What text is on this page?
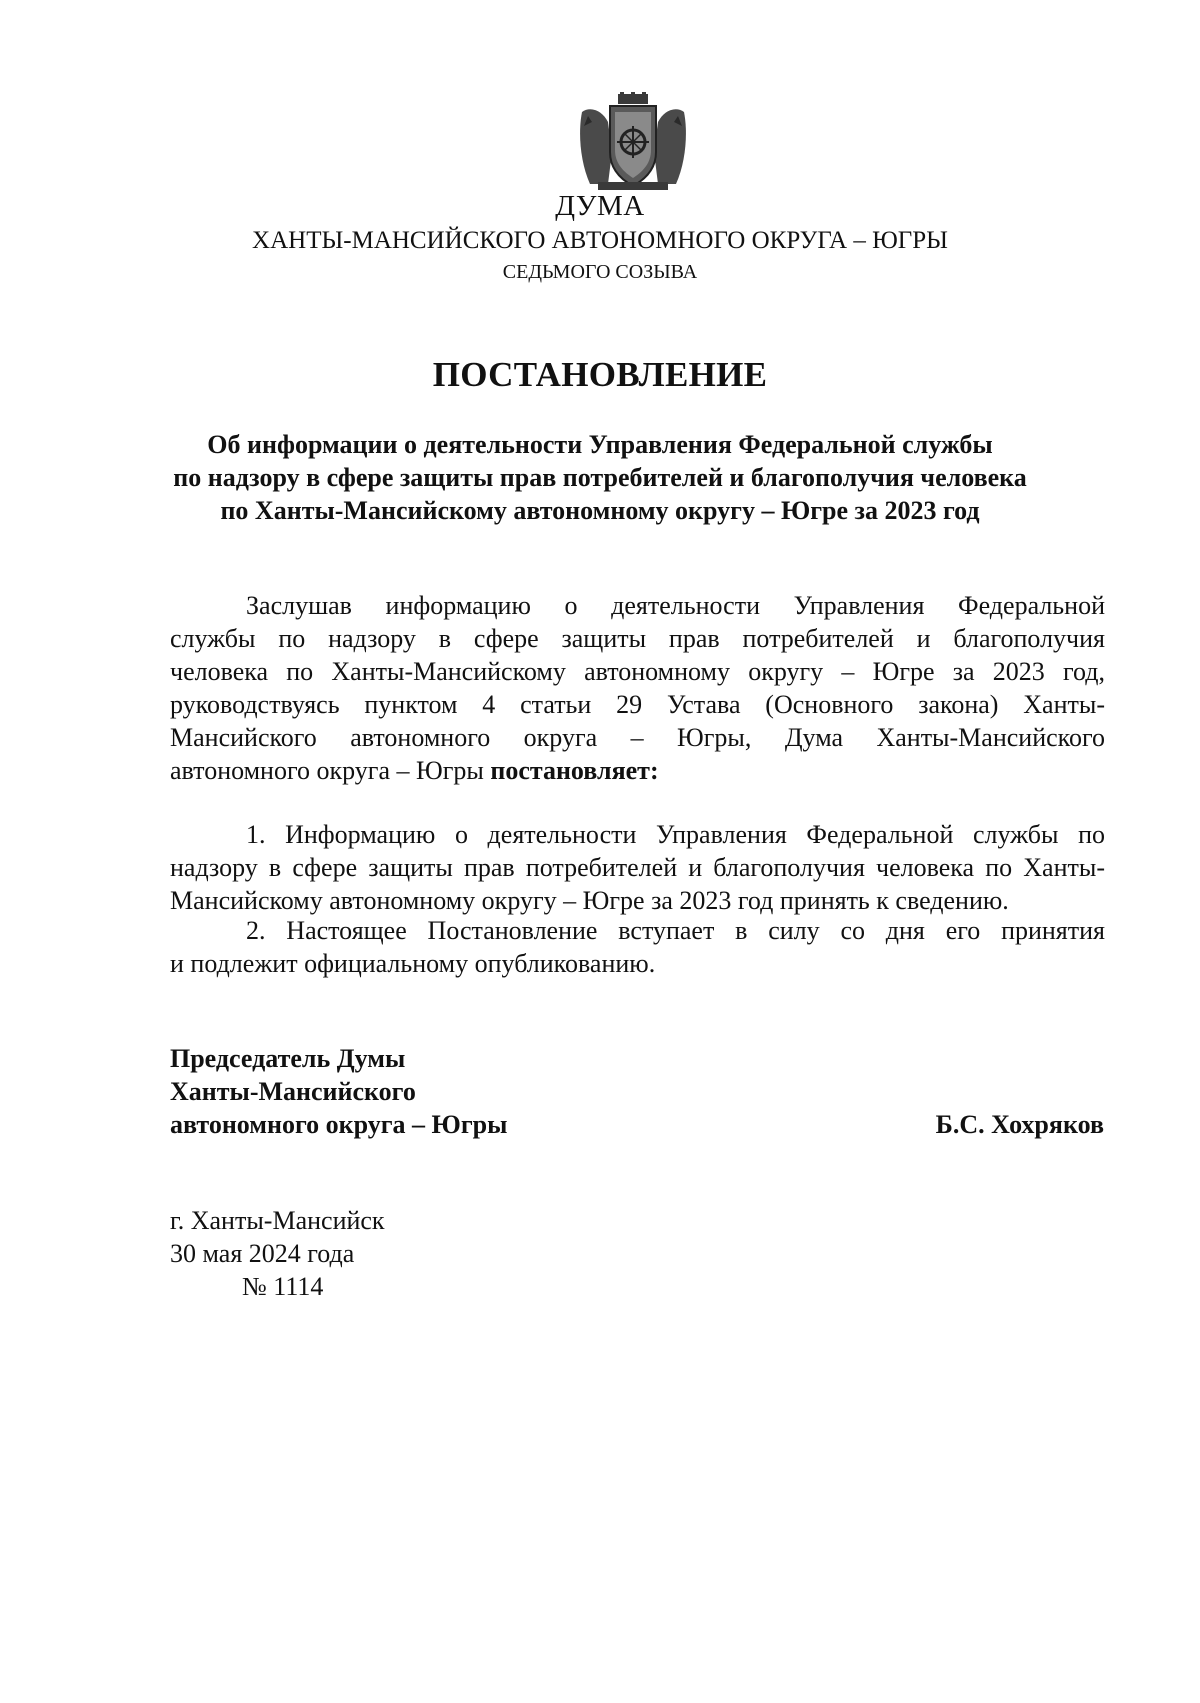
ДУМА
ХАНТЫ-МАНСИЙСКОГО АВТОНОМНОГО ОКРУГА – ЮГРЫ
СЕДЬМОГО СОЗЫВА
ПОСТАНОВЛЕНИЕ
Об информации о деятельности Управления Федеральной службы
по надзору в сфере защиты прав потребителей и благополучия человека
по Ханты-Мансийскому автономному округу – Югре за 2023 год
Заслушав информацию о деятельности Управления Федеральной
службы по надзору в сфере защиты прав потребителей и благополучия
человека по Ханты-Мансийскому автономному округу – Югре за 2023 год,
руководствуясь пунктом 4 статьи 29 Устава (Основного закона) Ханты-
Мансийского автономного округа – Югры, Дума Ханты-Мансийского
автономного округа – Югры постановляет:
1. Информацию о деятельности Управления Федеральной службы по
надзору в сфере защиты прав потребителей и благополучия человека по Ханты-
Мансийскому автономному округу – Югре за 2023 год принять к сведению.
2. Настоящее Постановление вступает в силу со дня его принятия
и подлежит официальному опубликованию.
Председатель Думы
Ханты-Мансийского
автономного округа – Югры	Б.С. Хохряков
г. Ханты-Мансийск
30 мая 2024 года
№ 1114
